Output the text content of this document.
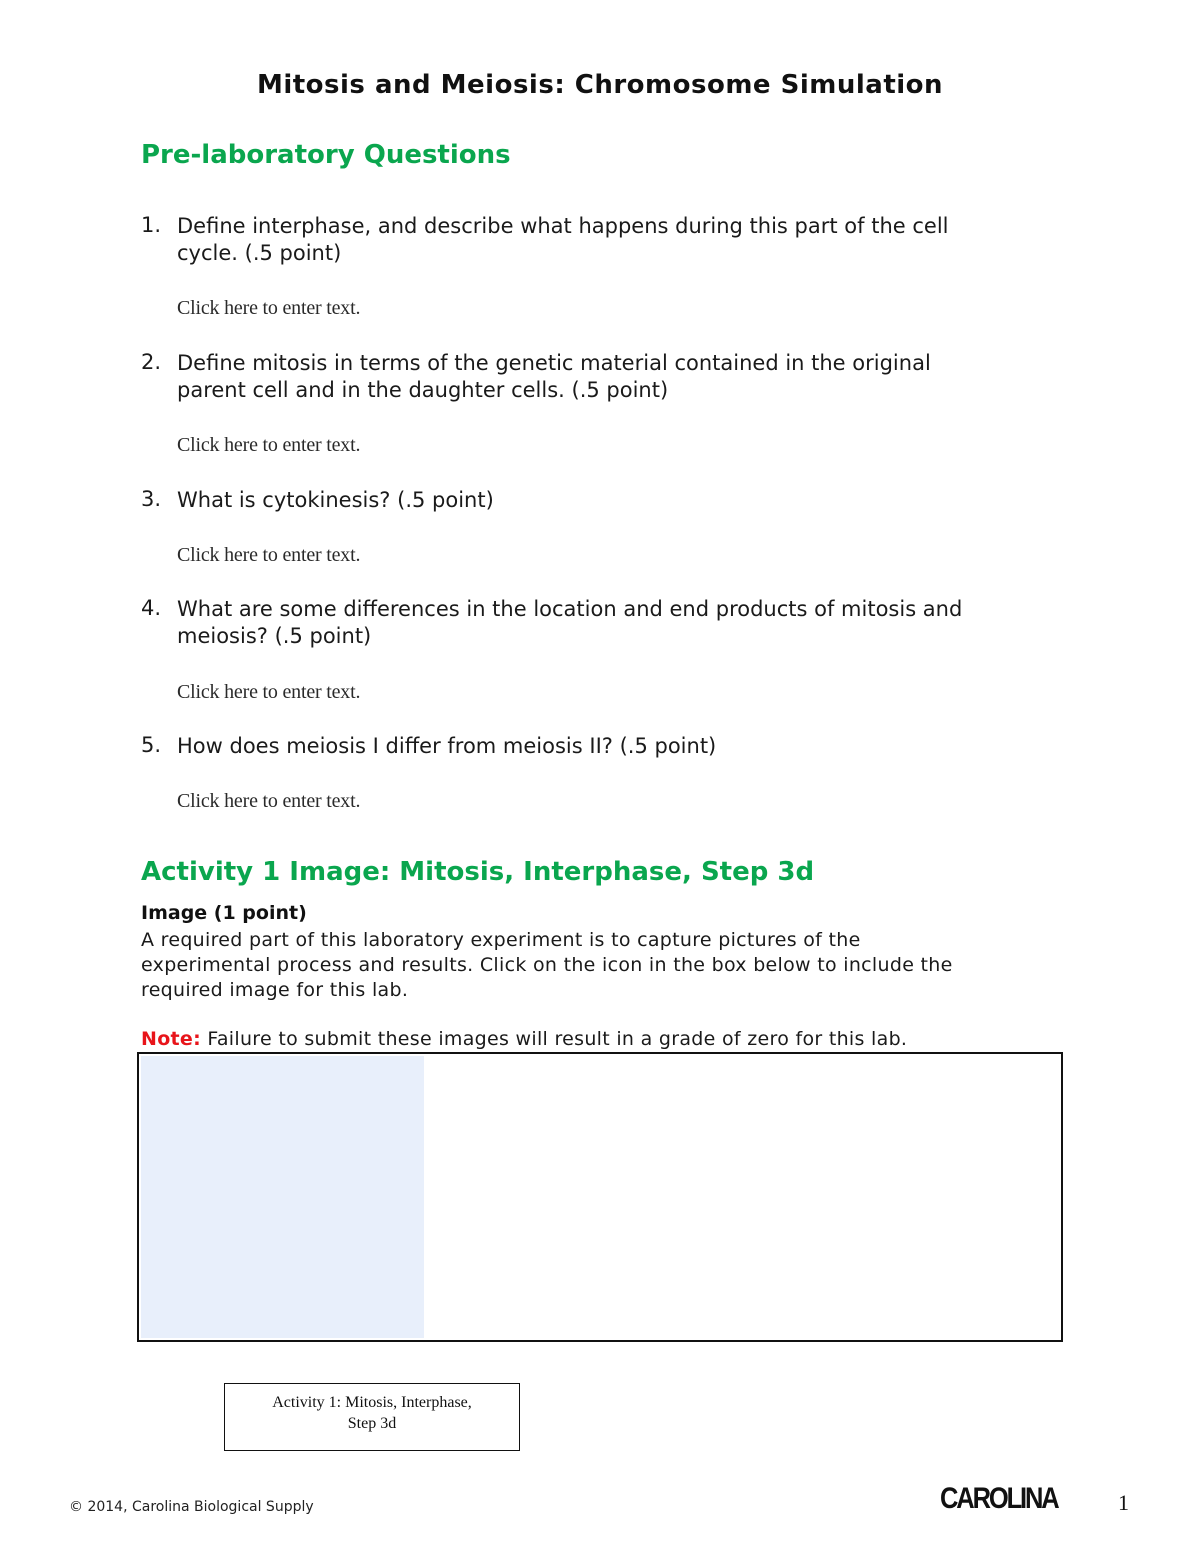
Mitosis and Meiosis: Chromosome Simulation
Pre-laboratory Questions
1. Define interphase, and describe what happens during this part of the cell
cycle. (.5 point)
Click here to enter text.
2. Define mitosis in terms of the genetic material contained in the original
parent cell and in the daughter cells. (.5 point)
Click here to enter text.
3. What is cytokinesis? (.5 point)
Click here to enter text.
4. What are some differences in the location and end products of mitosis and
meiosis? (.5 point)
Click here to enter text.
5. How does meiosis I differ from meiosis II? (.5 point)
Click here to enter text.
Activity 1 Image: Mitosis, Interphase, Step 3d
Image (1 point)
A required part of this laboratory experiment is to capture pictures of the
experimental process and results. Click on the icon in the box below to include the
required image for this lab.
Note: Failure to submit these images will result in a grade of zero for this lab.
Activity 1: Mitosis, Interphase,
Step 3d
© 2014, Carolina Biological Supply	CAROLINA	1
